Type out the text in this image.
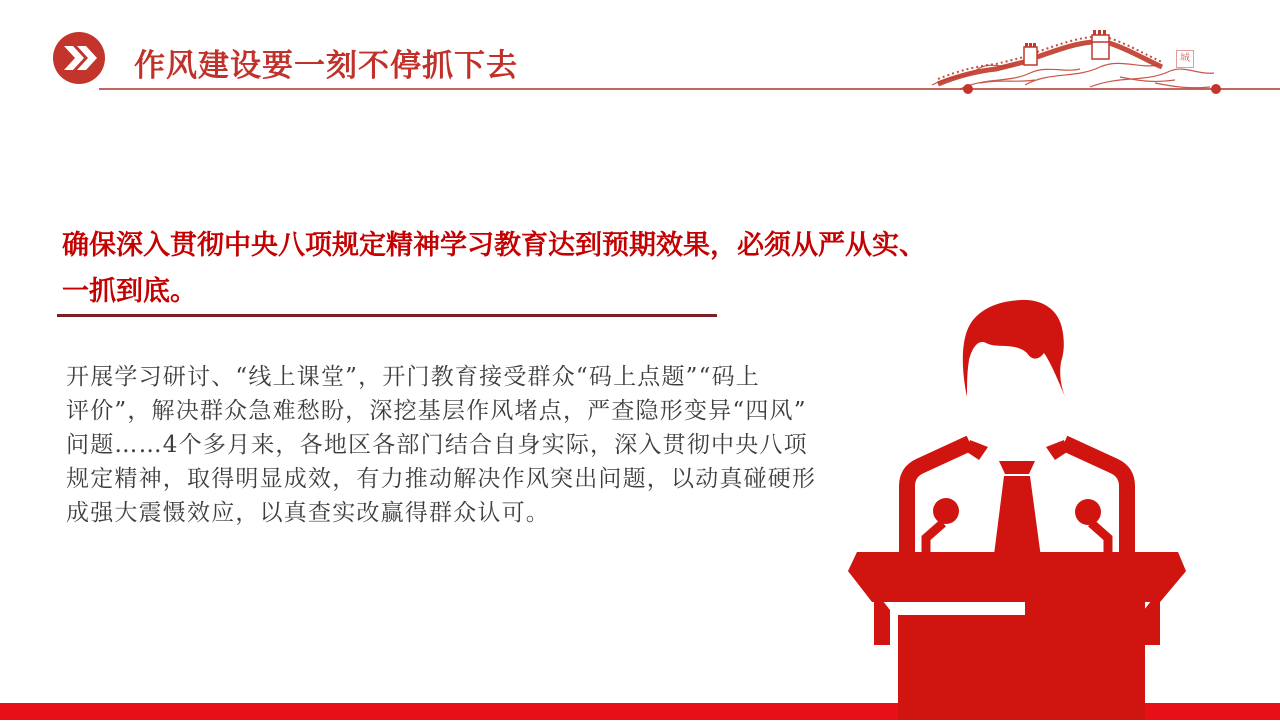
作风建设要一刻不停抓下去	城
确保深入贯彻中央八项规定精神学习教育达到预期效果，必须从严从实、
一抓到底。
开展学习研讨、“线上课堂”，开门教育接受群众“码上点题”“码上
评价”，解决群众急难愁盼，深挖基层作风堵点，严查隐形变异“四风”
问题……4个多月来，各地区各部门结合自身实际，深入贯彻中央八项
规定精神，取得明显成效，有力推动解决作风突出问题，以动真碰硬形
成强大震慑效应，以真查实改赢得群众认可。
